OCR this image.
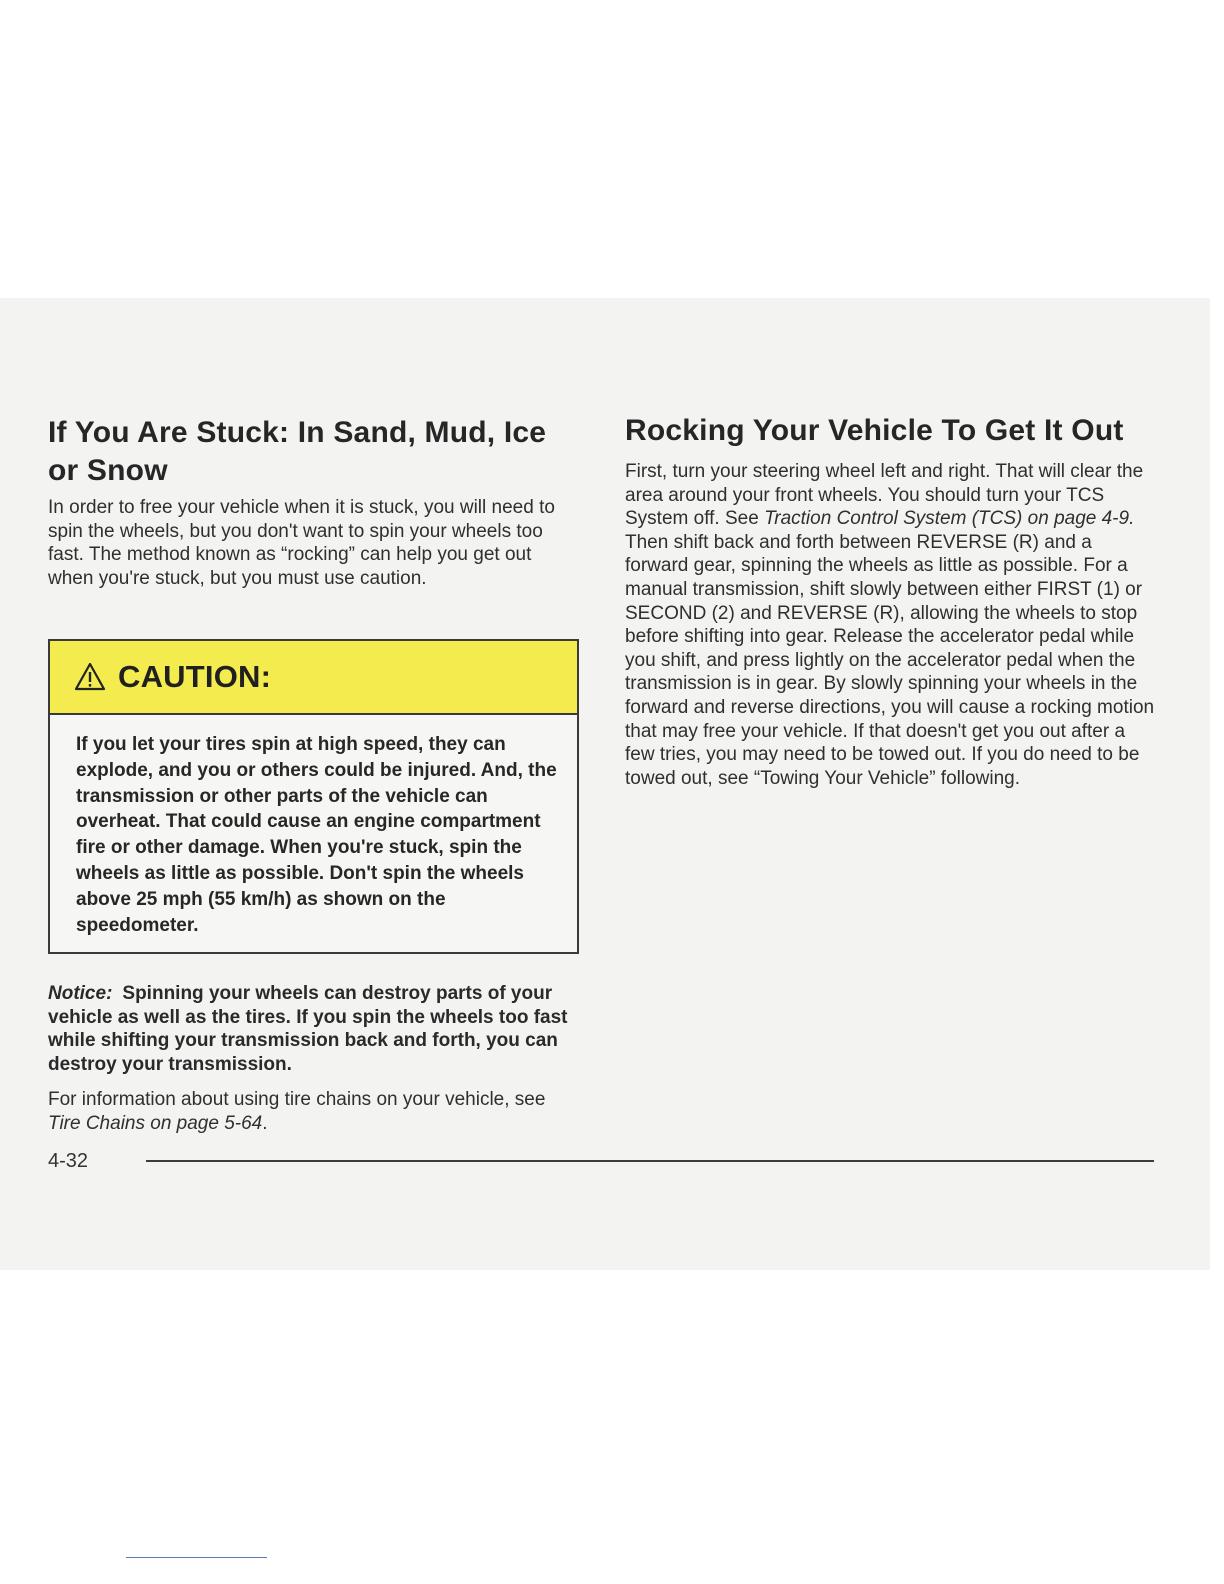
If You Are Stuck: In Sand, Mud, Ice or Snow

In order to free your vehicle when it is stuck, you will need to spin the wheels, but you don't want to spin your wheels too fast. The method known as “rocking” can help you get out when you're stuck, but you must use caution.

CAUTION:

If you let your tires spin at high speed, they can explode, and you or others could be injured. And, the transmission or other parts of the vehicle can overheat. That could cause an engine compartment fire or other damage. When you're stuck, spin the wheels as little as possible. Don't spin the wheels above 25 mph (55 km/h) as shown on the speedometer.

Notice: Spinning your wheels can destroy parts of your vehicle as well as the tires. If you spin the wheels too fast while shifting your transmission back and forth, you can destroy your transmission.

For information about using tire chains on your vehicle, see Tire Chains on page 5-64.

Rocking Your Vehicle To Get It Out

First, turn your steering wheel left and right. That will clear the area around your front wheels. You should turn your TCS System off. See Traction Control System (TCS) on page 4-9. Then shift back and forth between REVERSE (R) and a forward gear, spinning the wheels as little as possible. For a manual transmission, shift slowly between either FIRST (1) or SECOND (2) and REVERSE (R), allowing the wheels to stop before shifting into gear. Release the accelerator pedal while you shift, and press lightly on the accelerator pedal when the transmission is in gear. By slowly spinning your wheels in the forward and reverse directions, you will cause a rocking motion that may free your vehicle. If that doesn't get you out after a few tries, you may need to be towed out. If you do need to be towed out, see “Towing Your Vehicle” following.

4-32
